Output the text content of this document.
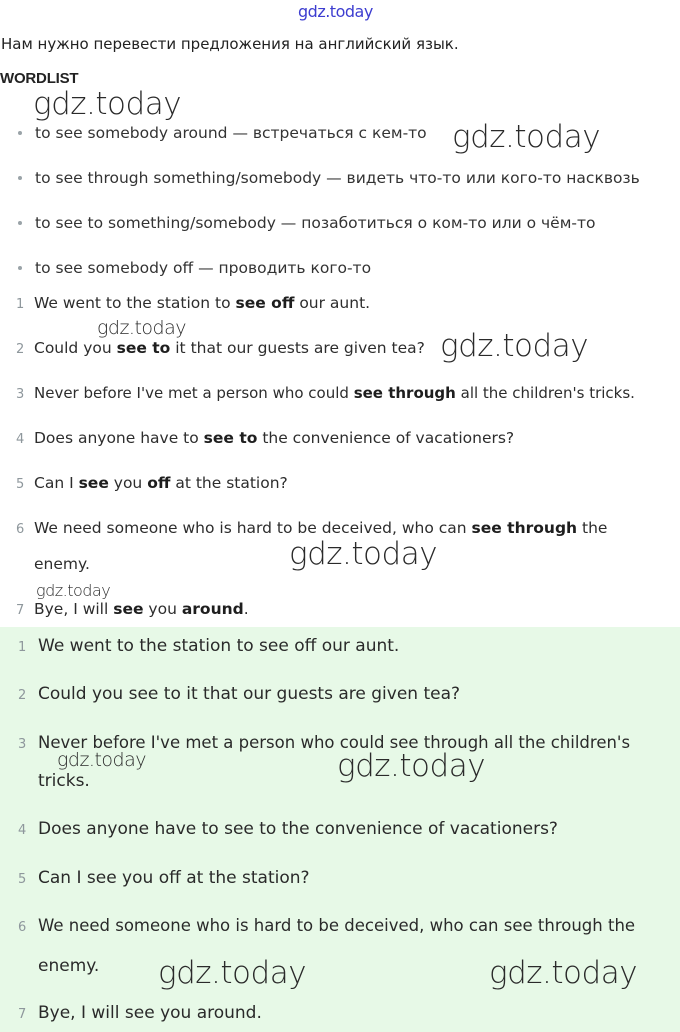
gdz.today
Нам нужно перевести предложения на английский язык.
WORDLIST
to see somebody around — встречаться с кем-то
to see through something/somebody — видеть что-то или кого-то насквозь
to see to something/somebody — позаботиться о ком-то или о чём-то
to see somebody off — проводить кого-то
1 We went to the station to see off our aunt.
2 Could you see to it that our guests are given tea?
3 Never before I've met a person who could see through all the children's tricks.
4 Does anyone have to see to the convenience of vacationers?
5 Can I see you off at the station?
6 We need someone who is hard to be deceived, who can see through the
enemy.
7 Bye, I will see you around.
1 We went to the station to see off our aunt.
2 Could you see to it that our guests are given tea?
3 Never before I've met a person who could see through all the children's
tricks.
4 Does anyone have to see to the convenience of vacationers?
5 Can I see you off at the station?
6 We need someone who is hard to be deceived, who can see through the
enemy.
7 Bye, I will see you around.
gdz.today
gdz.today
gdz.today	gdz.today
gdz.today
gdz.today
gdz.today	gdz.today
gdz.today	gdz.today
